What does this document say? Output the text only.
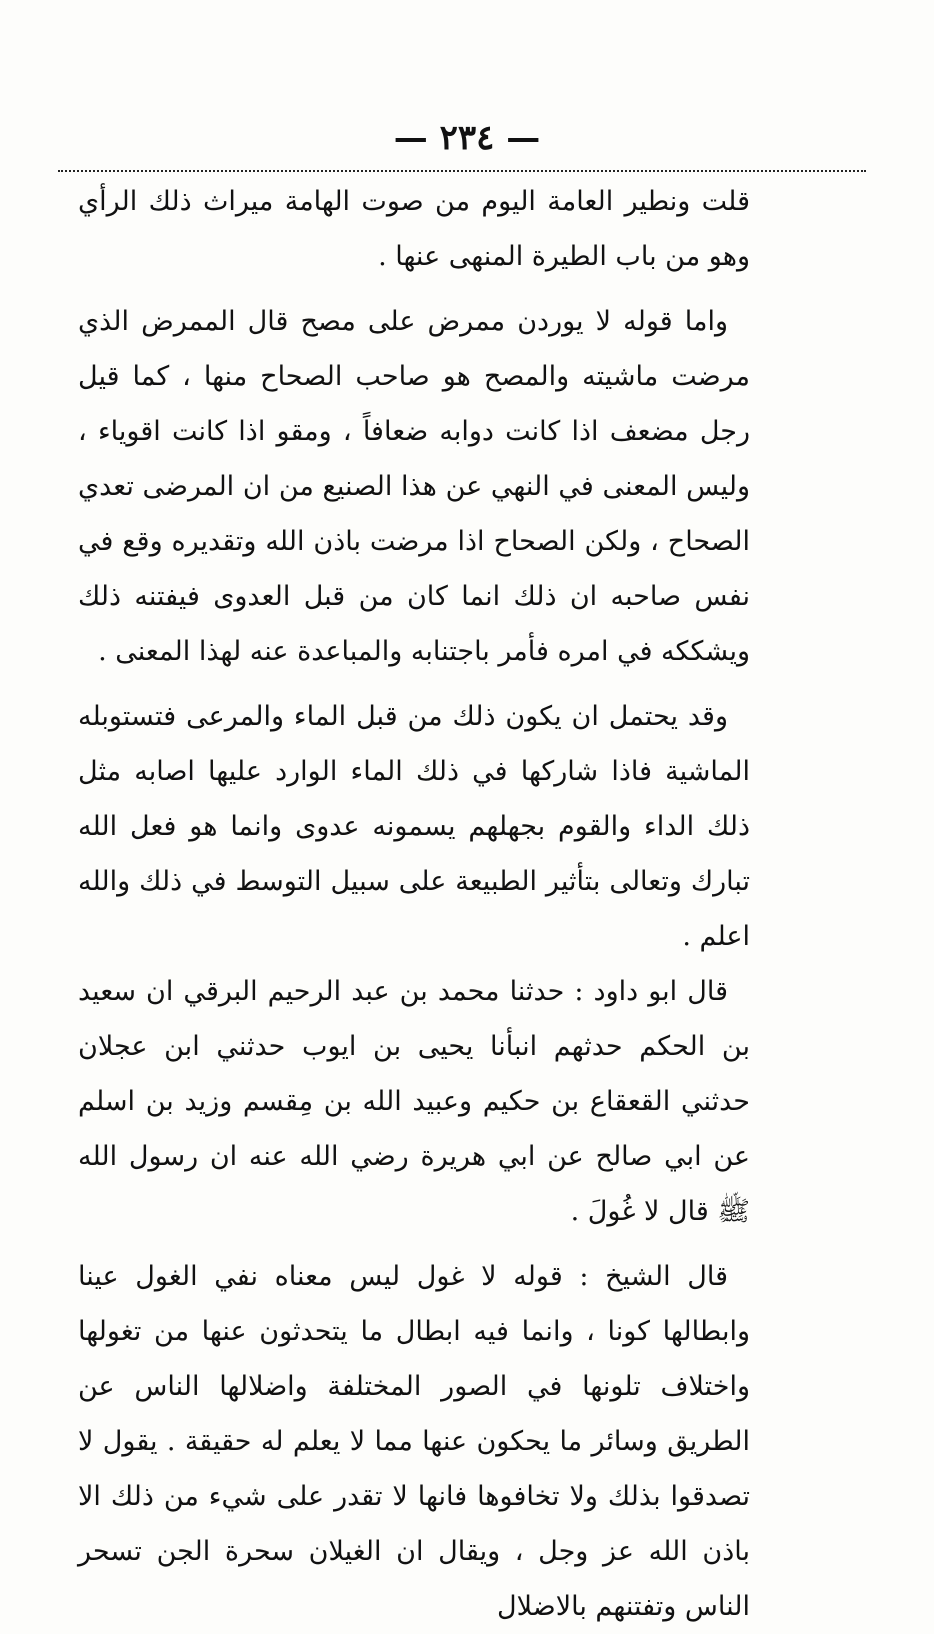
— ٢٣٤ —

قلت ونطير العامة اليوم من صوت الهامة ميراث ذلك الرأي وهو من باب الطيرة المنهى عنها .

واما قوله لا يوردن ممرض على مصح قال الممرض الذي مرضت ماشيته والمصح هو صاحب الصحاح منها ، كما قيل رجل مضعف اذا كانت دوابه ضعافاً ، ومقو اذا كانت اقوياء ، وليس المعنى في النهي عن هذا الصنيع من ان المرضى تعدي الصحاح ، ولكن الصحاح اذا مرضت باذن الله وتقديره وقع في نفس صاحبه ان ذلك انما كان من قبل العدوى فيفتنه ذلك ويشككه في امره فأمر باجتنابه والمباعدة عنه لهذا المعنى .

وقد يحتمل ان يكون ذلك من قبل الماء والمرعى فتستوبله الماشية فاذا شاركها في ذلك الماء الوارد عليها اصابه مثل ذلك الداء والقوم بجهلهم يسمونه عدوى وانما هو فعل الله تبارك وتعالى بتأثير الطبيعة على سبيل التوسط في ذلك والله اعلم .

قال ابو داود : حدثنا محمد بن عبد الرحيم البرقي ان سعيد بن الحكم حدثهم انبأنا يحيى بن ايوب حدثني ابن عجلان حدثني القعقاع بن حكيم وعبيد الله بن مِقسم وزيد بن اسلم عن ابي صالح عن ابي هريرة رضي الله عنه ان رسول الله ﷺ قال لا غُولَ .

قال الشيخ : قوله لا غول ليس معناه نفي الغول عينا وابطالها كونا ، وانما فيه ابطال ما يتحدثون عنها من تغولها واختلاف تلونها في الصور المختلفة واضلالها الناس عن الطريق وسائر ما يحكون عنها مما لا يعلم له حقيقة . يقول لا تصدقوا بذلك ولا تخافوها فانها لا تقدر على شيء من ذلك الا باذن الله عز وجل ، ويقال ان الغيلان سحرة الجن تسحر الناس وتفتنهم بالاضلال
